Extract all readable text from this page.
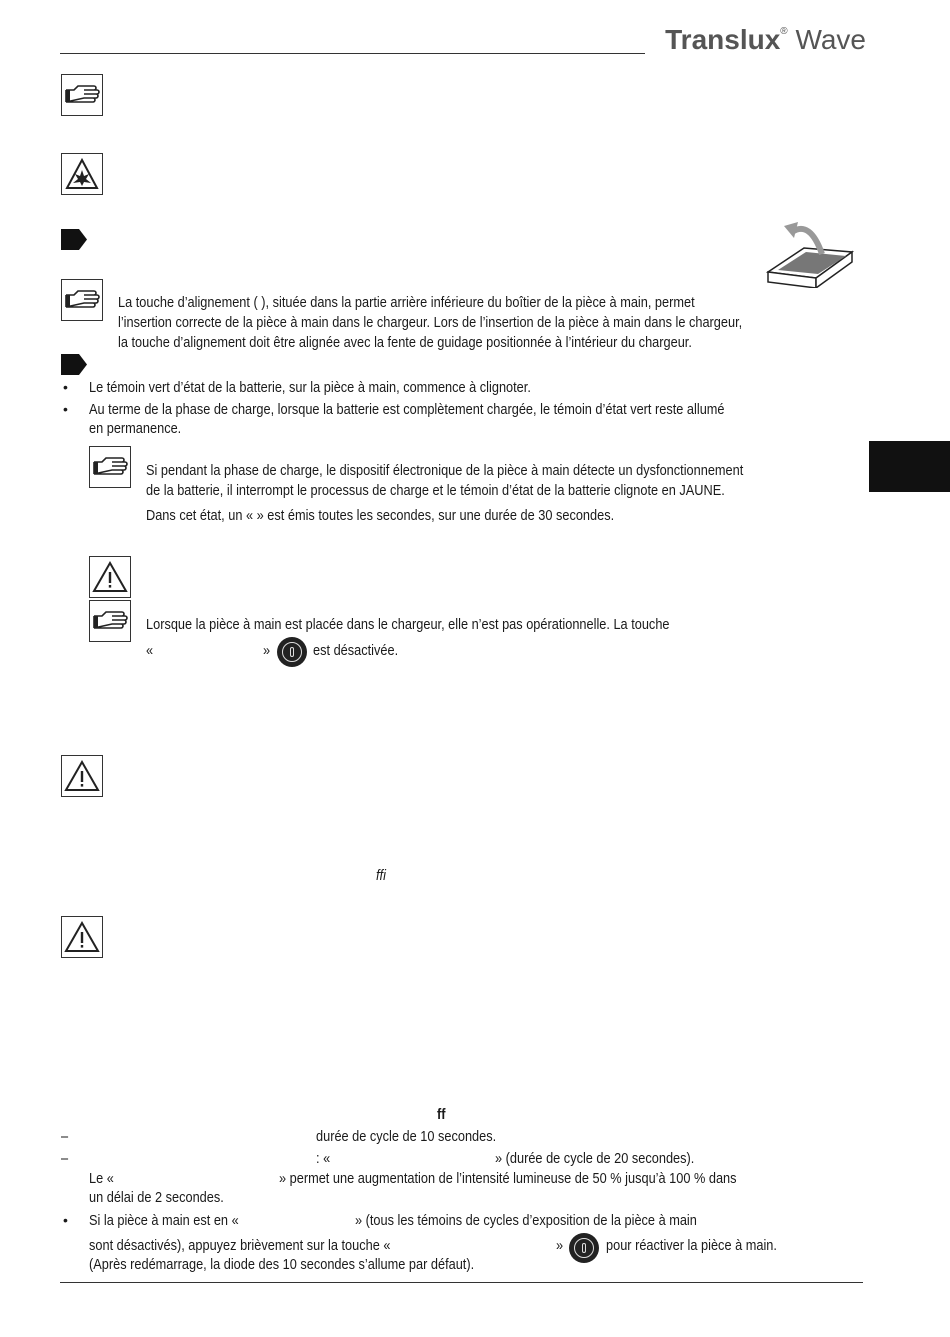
Translux® Wave
La touche d’alignement ( ), située dans la partie arrière inférieure du boîtier de la pièce à main, permet
l’insertion correcte de la pièce à main dans le chargeur. Lors de l’insertion de la pièce à main dans le chargeur,
la touche d’alignement doit être alignée avec la fente de guidage positionnée à l’intérieur du chargeur.
• Le témoin vert d’état de la batterie, sur la pièce à main, commence à clignoter.
• Au terme de la phase de charge, lorsque la batterie est complètement chargée, le témoin d’état vert reste allumé
en permanence.
Si pendant la phase de charge, le dispositif électronique de la pièce à main détecte un dysfonctionnement
de la batterie, il interrompt le processus de charge et le témoin d’état de la batterie clignote en JAUNE.
Dans cet état, un « » est émis toutes les secondes, sur une durée de 30 secondes.
Lorsque la pièce à main est placée dans le chargeur, elle n’est pas opérationnelle. La touche
«	»	est désactivée.
ffi
ff
–	durée de cycle de 10 secondes.
–	: «	» (durée de cycle de 20 secondes).
Le «	» permet une augmentation de l’intensité lumineuse de 50 % jusqu’à 100 % dans
un délai de 2 secondes.
• Si la pièce à main est en «	» (tous les témoins de cycles d’exposition de la pièce à main
sont désactivés), appuyez brièvement sur la touche «	»	pour réactiver la pièce à main.
(Après redémarrage, la diode des 10 secondes s’allume par défaut).
